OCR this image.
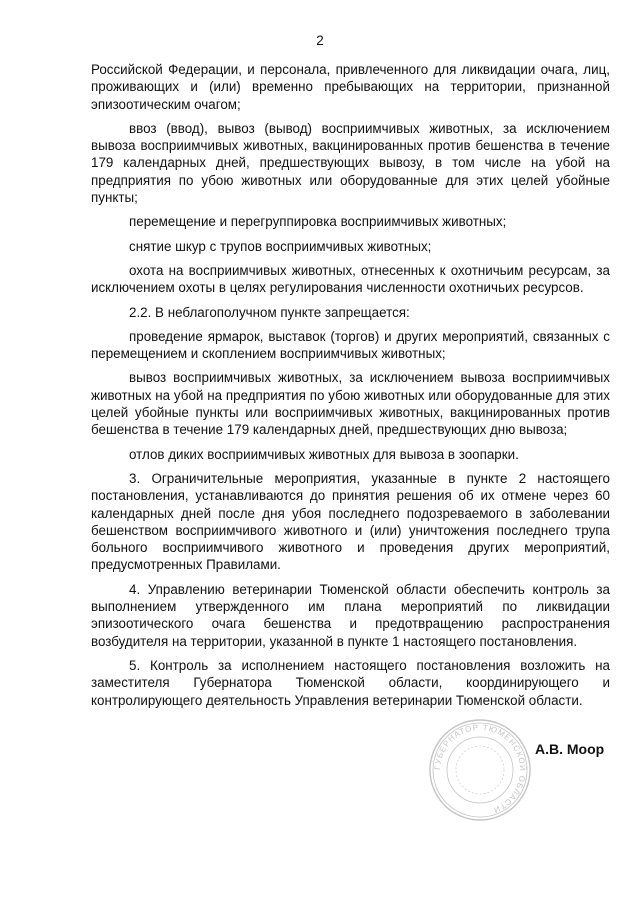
2

Российской Федерации, и персонала, привлеченного для ликвидации очага, лиц, проживающих и (или) временно пребывающих на территории, признанной эпизоотическим очагом;

ввоз (ввод), вывоз (вывод) восприимчивых животных, за исключением вывоза восприимчивых животных, вакцинированных против бешенства в течение 179 календарных дней, предшествующих вывозу, в том числе на убой на предприятия по убою животных или оборудованные для этих целей убойные пункты;

перемещение и перегруппировка восприимчивых животных;

снятие шкур с трупов восприимчивых животных;

охота на восприимчивых животных, отнесенных к охотничьим ресурсам, за исключением охоты в целях регулирования численности охотничьих ресурсов.

2.2. В неблагополучном пункте запрещается:

проведение ярмарок, выставок (торгов) и других мероприятий, связанных с перемещением и скоплением восприимчивых животных;

вывоз восприимчивых животных, за исключением вывоза восприимчивых животных на убой на предприятия по убою животных или оборудованные для этих целей убойные пункты или восприимчивых животных, вакцинированных против бешенства в течение 179 календарных дней, предшествующих дню вывоза;

отлов диких восприимчивых животных для вывоза в зоопарки.

3. Ограничительные мероприятия, указанные в пункте 2 настоящего постановления, устанавливаются до принятия решения об их отмене через 60 календарных дней после дня убоя последнего подозреваемого в заболевании бешенством восприимчивого животного и (или) уничтожения последнего трупа больного восприимчивого животного и проведения других мероприятий, предусмотренных Правилами.

4. Управлению ветеринарии Тюменской области обеспечить контроль за выполнением утвержденного им плана мероприятий по ликвидации эпизоотического очага бешенства и предотвращению распространения возбудителя на территории, указанной в пункте 1 настоящего постановления.

5. Контроль за исполнением настоящего постановления возложить на заместителя Губернатора Тюменской области, координирующего и контролирующего деятельность Управления ветеринарии Тюменской области.

ГУБЕРНАТОР ТЮМЕНСКОЙ ОБЛАСТИ
А.В. Моор
